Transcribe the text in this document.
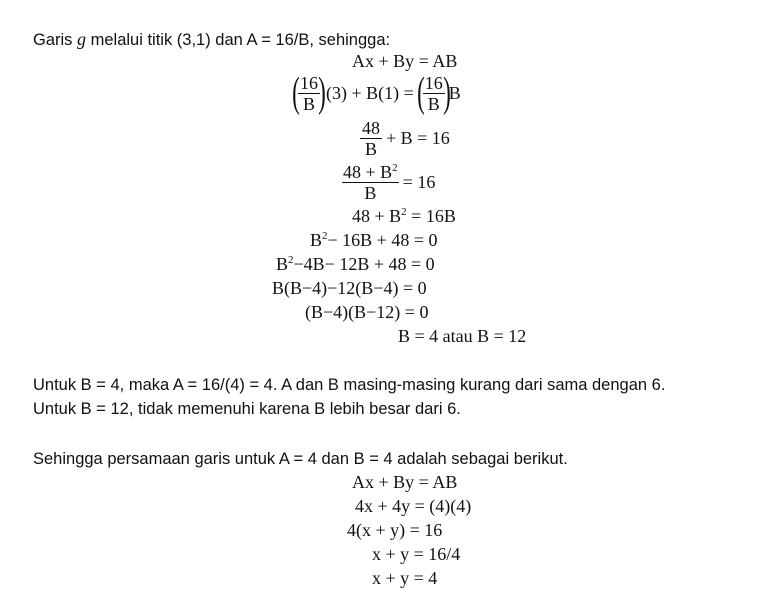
Garis g melalui titik (3,1) dan A = 16/B, sehingga:
Ax + By = AB
(
$\frac{16}{B}$
) (3) + B(1) = (
$\frac{16}{B}$
)
B
$\frac{48}{B} + B = 16$
$\frac{48 + B^2}{B} = 16$
$48 + B^2 = 16B$
$B^2- 16B + 48 = 0$
$B^2-4B- 12B + 48 = 0$
B(B−4)−12(B−4) = 0
(B−4)(B−12) = 0
B = 4 atau B = 12
Untuk B = 4, maka A = 16/(4) = 4. A dan B masing-masing kurang dari sama dengan 6.
Untuk B = 12, tidak memenuhi karena B lebih besar dari 6.
Sehingga persamaan garis untuk A = 4 dan B = 4 adalah sebagai berikut.
Ax + By = AB
4x + 4y = (4)(4)
4(x + y) = 16
x + y = 16/4
x + y = 4
